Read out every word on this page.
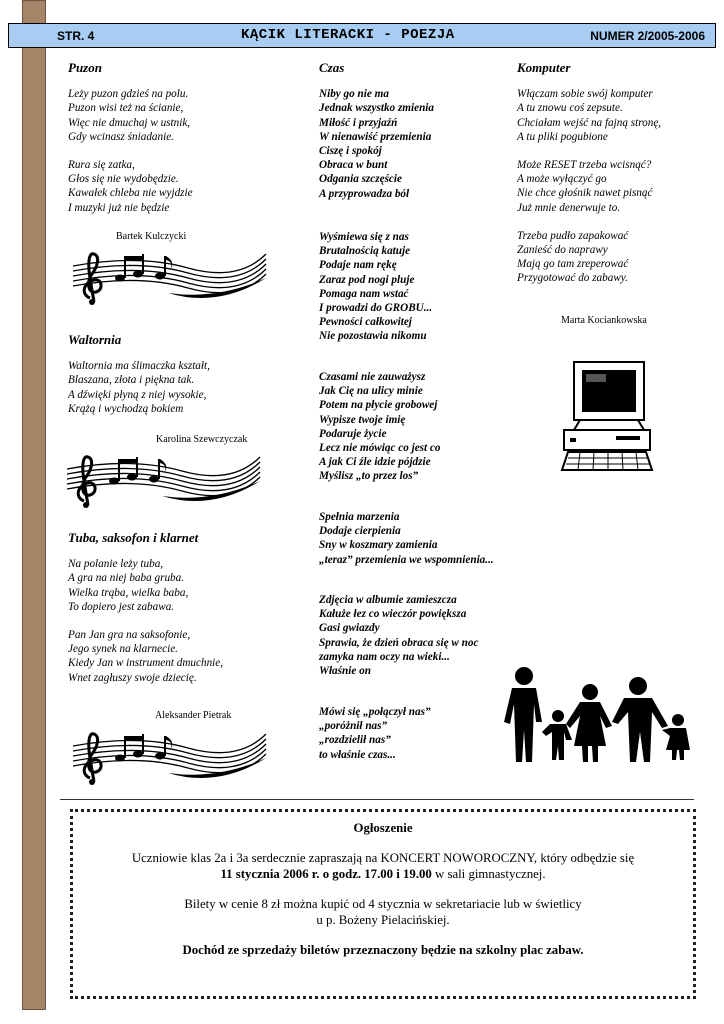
STR. 4	KĄCIK LITERACKI - POEZJA	NUMER 2/2005-2006
Puzon
Leży puzon gdzieś na polu.
Puzon wisi też na ścianie,
Więc nie dmuchaj w ustnik,
Gdy wcinasz śniadanie.
Rura się zatka,
Głos się nie wydobędzie.
Kawałek chleba nie wyjdzie
I muzyki już nie będzie
Bartek Kulczycki
Waltornia
Waltornia ma ślimaczka kształt,
Blaszana, złota i piękna tak.
A dźwięki płyną z niej wysokie,
Krążą i wychodzą bokiem
Karolina Szewczyczak
Tuba, saksofon i klarnet
Na polanie leży tuba,
A gra na niej baba gruba.
Wielka trąba, wielka baba,
To dopiero jest zabawa.
Pan Jan gra na saksofonie,
Jego synek na klarnecie.
Kiedy Jan w instrument dmuchnie,
Wnet zagłuszy swoje dziecię.
Aleksander Pietrak
Czas
Niby go nie ma
Jednak wszystko zmienia
Miłość i przyjaźń
W nienawiść przemienia
Ciszę i spokój
Obraca w bunt
Odgania szczęście
A przyprowadza ból
Wyśmiewa się z nas
Brutalnością katuje
Podaje nam rękę
Zaraz pod nogi pluje
Pomaga nam wstać
I prowadzi do GROBU...
Pewności całkowitej
Nie pozostawia nikomu
Czasami nie zauważysz
Jak Cię na ulicy minie
Potem na płycie grobowej
Wypisze twoje imię
Podaruje życie
Lecz nie mówiąc co jest co
A jak Ci źle idzie pójdzie
Myślisz „to przez los”
Spełnia marzenia
Dodaje cierpienia
Sny w koszmary zamienia
„teraz” przemienia we wspomnienia...
Zdjęcia w albumie zamieszcza
Kałuże łez co wieczór powiększa
Gasi gwiazdy
Sprawia, że dzień obraca się w noc
zamyka nam oczy na wieki...
Właśnie on
Mówi się „połączył nas”
„poróżnił nas”
„rozdzielił nas”
to właśnie czas...
Komputer
Włączam sobie swój komputer
A tu znowu coś zepsute.
Chciałam wejść na fajną stronę,
A tu pliki pogubione
Może RESET trzeba wcisnąć?
A może wyłączyć go
Nie chce głośnik nawet pisnąć
Już mnie denerwuje to.
Trzeba pudło zapakować
Zanieść do naprawy
Mają go tam zreperować
Przygotować do zabawy.
Marta Kociankowska
Ogłoszenie

Uczniowie klas 2a i 3a serdecznie zapraszają na KONCERT NOWOROCZNY, który odbędzie się

11 stycznia 2006 r. o godz. 17.00 i 19.00 w sali gimnastycznej.

Bilety w cenie 8 zł można kupić od 4 stycznia w sekretariacie lub w świetlicy

u p. Bożeny Pielacińskiej.

Dochód ze sprzedaży biletów przeznaczony będzie na szkolny plac zabaw.
